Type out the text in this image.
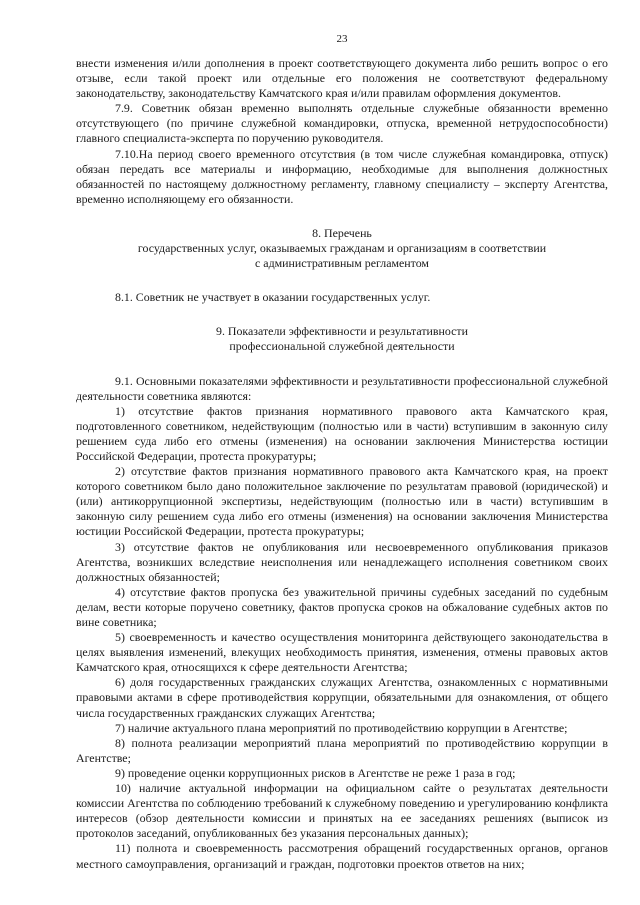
23

внести изменения и/или дополнения в проект соответствующего документа либо решить вопрос о его отзыве, если такой проект или отдельные его положения не соответствуют федеральному законодательству, законодательству Камчатского края и/или правилам оформления документов.

7.9. Советник обязан временно выполнять отдельные служебные обязанности временно отсутствующего (по причине служебной командировки, отпуска, временной нетрудоспособности) главного специалиста-эксперта по поручению руководителя.

7.10.На период своего временного отсутствия (в том числе служебная командировка, отпуск) обязан передать все материалы и информацию, необходимые для выполнения должностных обязанностей по настоящему должностному регламенту, главному специалисту – эксперту Агентства, временно исполняющему его обязанности.

8. Перечень

государственных услуг, оказываемых гражданам и организациям в соответствии

с административным регламентом

8.1. Советник не участвует в оказании государственных услуг.

9. Показатели эффективности и результативности

профессиональной служебной деятельности

9.1. Основными показателями эффективности и результативности профессиональной служебной деятельности советника являются:

1) отсутствие фактов признания нормативного правового акта Камчатского края, подготовленного советником, недействующим (полностью или в части) вступившим в законную силу решением суда либо его отмены (изменения) на основании заключения Министерства юстиции Российской Федерации, протеста прокуратуры;

2) отсутствие фактов признания нормативного правового акта Камчатского края, на проект которого советником было дано положительное заключение по результатам правовой (юридической) и (или) антикоррупционной экспертизы, недействующим (полностью или в части) вступившим в законную силу решением суда либо его отмены (изменения) на основании заключения Министерства юстиции Российской Федерации, протеста прокуратуры;

3) отсутствие фактов не опубликования или несвоевременного опубликования приказов Агентства, возникших вследствие неисполнения или ненадлежащего исполнения советником своих должностных обязанностей;

4) отсутствие фактов пропуска без уважительной причины судебных заседаний по судебным делам, вести которые поручено советнику, фактов пропуска сроков на обжалование судебных актов по вине советника;

5) своевременность и качество осуществления мониторинга действующего законодательства в целях выявления изменений, влекущих необходимость принятия, изменения, отмены правовых актов Камчатского края, относящихся к сфере деятельности Агентства;

6) доля государственных гражданских служащих Агентства, ознакомленных с нормативными правовыми актами в сфере противодействия коррупции, обязательными для ознакомления, от общего числа государственных гражданских служащих Агентства;

7) наличие актуального плана мероприятий по противодействию коррупции в Агентстве;

8) полнота реализации мероприятий плана мероприятий по противодействию коррупции в Агентстве;

9) проведение оценки коррупционных рисков в Агентстве не реже 1 раза в год;

10) наличие актуальной информации на официальном сайте о результатах деятельности комиссии Агентства по соблюдению требований к служебному поведению и урегулированию конфликта интересов (обзор деятельности комиссии и принятых на ее заседаниях решениях (выписок из протоколов заседаний, опубликованных без указания персональных данных);

11) полнота и своевременность рассмотрения обращений государственных органов, органов местного самоуправления, организаций и граждан, подготовки проектов ответов на них;
